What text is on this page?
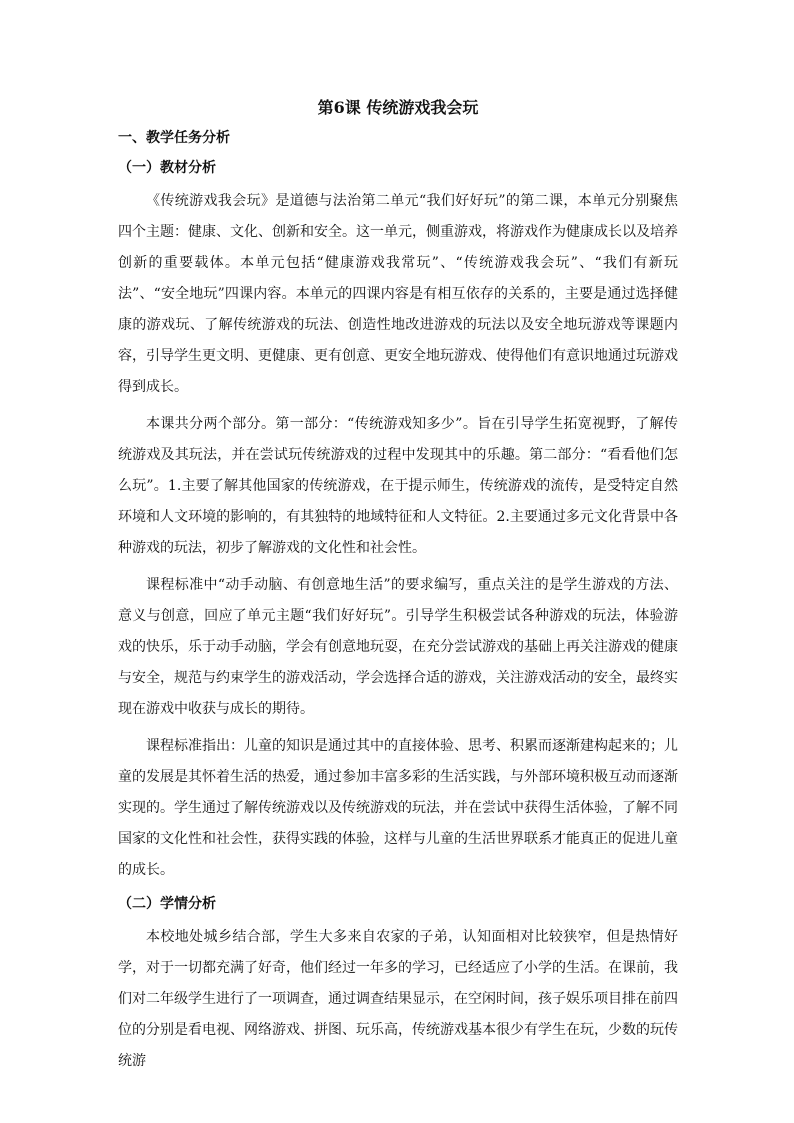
第6课 传统游戏我会玩
一、教学任务分析
（一）教材分析

《传统游戏我会玩》是道德与法治第二单元“我们好好玩”的第二课，本单元分别聚焦四个主题：健康、文化、创新和安全。这一单元，侧重游戏，将游戏作为健康成长以及培养创新的重要载体。本单元包括“健康游戏我常玩”、“传统游戏我会玩”、“我们有新玩法”、“安全地玩”四课内容。本单元的四课内容是有相互依存的关系的，主要是通过选择健康的游戏玩、了解传统游戏的玩法、创造性地改进游戏的玩法以及安全地玩游戏等课题内容，引导学生更文明、更健康、更有创意、更安全地玩游戏、使得他们有意识地通过玩游戏得到成长。

本课共分两个部分。第一部分：“传统游戏知多少”。旨在引导学生拓宽视野，了解传统游戏及其玩法，并在尝试玩传统游戏的过程中发现其中的乐趣。第二部分：“看看他们怎么玩”。1.主要了解其他国家的传统游戏，在于提示师生，传统游戏的流传，是受特定自然环境和人文环境的影响的，有其独特的地域特征和人文特征。2.主要通过多元文化背景中各种游戏的玩法，初步了解游戏的文化性和社会性。

课程标准中“动手动脑、有创意地生活”的要求编写，重点关注的是学生游戏的方法、意义与创意，回应了单元主题“我们好好玩”。引导学生积极尝试各种游戏的玩法，体验游戏的快乐，乐于动手动脑，学会有创意地玩耍，在充分尝试游戏的基础上再关注游戏的健康与安全，规范与约束学生的游戏活动，学会选择合适的游戏，关注游戏活动的安全，最终实现在游戏中收获与成长的期待。

课程标准指出：儿童的知识是通过其中的直接体验、思考、积累而逐渐建构起来的；儿童的发展是其怀着生活的热爱，通过参加丰富多彩的生活实践，与外部环境积极互动而逐渐实现的。学生通过了解传统游戏以及传统游戏的玩法，并在尝试中获得生活体验，了解不同国家的文化性和社会性，获得实践的体验，这样与儿童的生活世界联系才能真正的促进儿童的成长。

（二）学情分析

本校地处城乡结合部，学生大多来自农家的子弟，认知面相对比较狭窄，但是热情好学，对于一切都充满了好奇，他们经过一年多的学习，已经适应了小学的生活。在课前，我们对二年级学生进行了一项调查，通过调查结果显示，在空闲时间，孩子娱乐项目排在前四位的分别是看电视、网络游戏、拼图、玩乐高，传统游戏基本很少有学生在玩，少数的玩传统游
